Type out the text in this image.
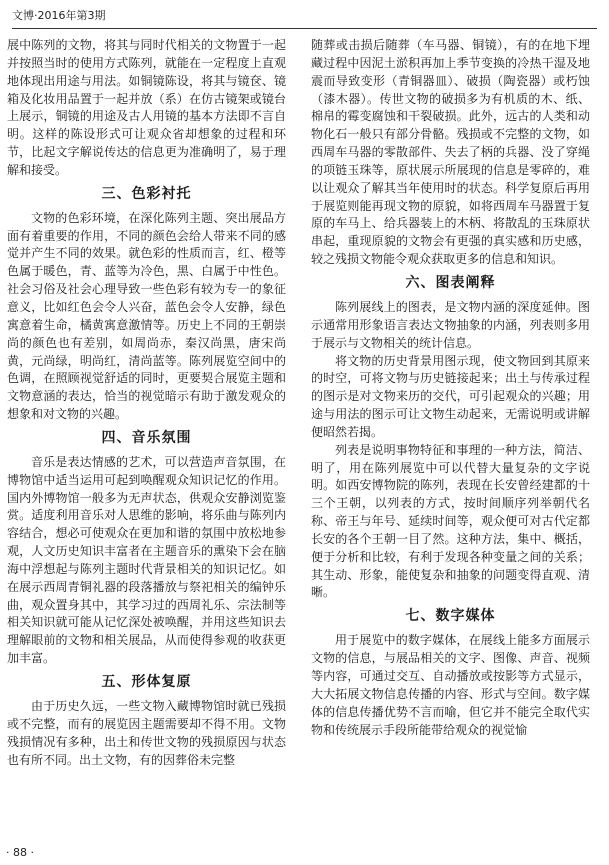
文博·2016年第3期

展中陈列的文物，将其与同时代相关的文物置于一起并按照当时的使用方式陈列，就能在一定程度上直观地体现出用途与用法。如铜镜陈设，将其与镜奁、镜箱及化妆用品置于一起并放（系）在仿古镜架或镜台上展示，铜镜的用途及古人用镜的基本方法即不言自明。这样的陈设形式可让观众省却想象的过程和环节，比起文字解说传达的信息更为准确明了，易于理解和接受。

三、色彩衬托

文物的色彩环境，在深化陈列主题、突出展品方面有着重要的作用，不同的颜色会给人带来不同的感觉并产生不同的效果。就色彩的性质而言，红、橙等色属于暖色，青、蓝等为冷色，黑、白属于中性色。社会习俗及社会心理导致一些色彩有较为专一的象征意义，比如红色会令人兴奋，蓝色会令人安静，绿色寓意着生命，橘黄寓意激情等。历史上不同的王朝崇尚的颜色也有差别，如周尚赤，秦汉尚黑，唐宋尚黄，元尚绿，明尚红，清尚蓝等。陈列展览空间中的色调，在照顾视觉舒适的同时，更要契合展览主题和文物意涵的表达，恰当的视觉暗示有助于激发观众的想象和对文物的兴趣。

四、音乐氛围

音乐是表达情感的艺术，可以营造声音氛围，在博物馆中适当运用可起到唤醒观众知识记忆的作用。国内外博物馆一般多为无声状态，供观众安静浏览鉴赏。适度利用音乐对人思维的影响，将乐曲与陈列内容结合，想必可使观众在更加和谐的氛围中放松地参观，人文历史知识丰富者在主题音乐的熏染下会在脑海中浮想起与陈列主题时代背景相关的知识记忆。如在展示西周青铜礼器的段落播放与祭祀相关的编钟乐曲，观众置身其中，其学习过的西周礼乐、宗法制等相关知识就可能从记忆深处被唤醒，并用这些知识去理解眼前的文物和相关展品，从而使得参观的收获更加丰富。

五、形体复原

由于历史久远，一些文物入藏博物馆时就已残损或不完整，而有的展览因主题需要却不得不用。文物残损情况有多种，出土和传世文物的残损原因与状态也有所不同。出土文物，有的因葬俗未完整

随葬或击损后随葬（车马器、铜镜），有的在地下埋藏过程中因泥土淤积再加上季节变换的冷热干湿及地震而导致变形（青铜器皿）、破损（陶瓷器）或朽蚀（漆木器）。传世文物的破损多为有机质的木、纸、棉帛的霉变腐蚀和干裂破损。此外，远古的人类和动物化石一般只有部分骨骼。残损或不完整的文物，如西周车马器的零散部件、失去了柄的兵器、没了穿绳的项链玉珠等，原状展示所展现的信息是零碎的，难以让观众了解其当年使用时的状态。科学复原后再用于展览则能再现文物的原貌，如将西周车马器置于复原的车马上、给兵器装上的木柄、将散乱的玉珠原状串起，重现原貌的文物会有更强的真实感和历史感，较之残损文物能令观众获取更多的信息和知识。

六、图表阐释

陈列展线上的图表，是文物内涵的深度延伸。图示通常用形象语言表达文物抽象的内涵，列表则多用于展示与文物相关的统计信息。

将文物的历史背景用图示现，使文物回到其原来的时空，可将文物与历史链接起来；出土与传承过程的图示是对文物来历的交代，可引起观众的兴趣；用途与用法的图示可让文物生动起来，无需说明或讲解便昭然若揭。

列表是说明事物特征和事理的一种方法，简洁、明了，用在陈列展览中可以代替大量复杂的文字说明。如西安博物院的陈列，表现在长安曾经建都的十三个王朝，以列表的方式，按时间顺序列举朝代名称、帝王与年号、延续时间等，观众便可对古代定都长安的各个王朝一目了然。这种方法，集中、概括，便于分析和比较，有利于发现各种变量之间的关系；其生动、形象，能使复杂和抽象的问题变得直观、清晰。

七、数字媒体

用于展览中的数字媒体，在展线上能多方面展示文物的信息，与展品相关的文字、图像、声音、视频等内容，可通过交互、自动播放或按影等方式显示，大大拓展文物信息传播的内容、形式与空间。数字媒体的信息传播优势不言而喻，但它并不能完全取代实物和传统展示手段所能带给观众的视觉愉

· 88 ·
